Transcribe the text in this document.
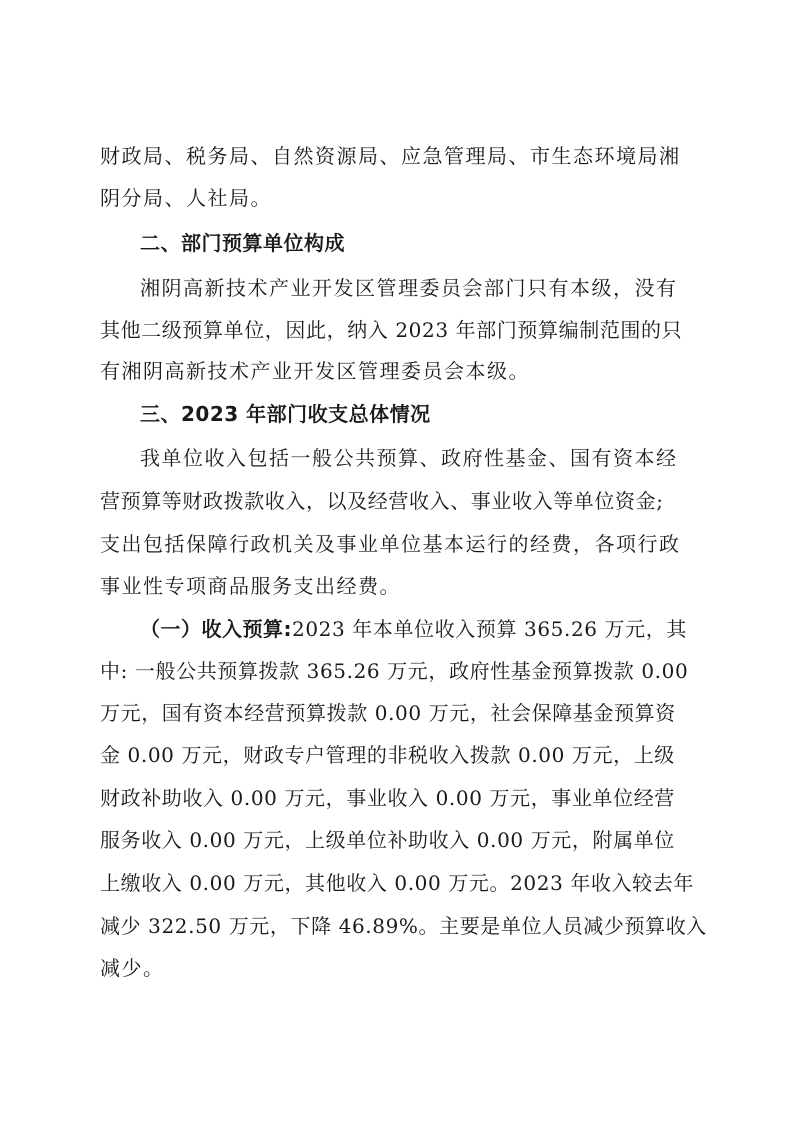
财政局、税务局、自然资源局、应急管理局、市生态环境局湘
阴分局、人社局。
二、部门预算单位构成
湘阴高新技术产业开发区管理委员会部门只有本级，没有
其他二级预算单位，因此，纳入 2023 年部门预算编制范围的只
有湘阴高新技术产业开发区管理委员会本级。
三、2023 年部门收支总体情况
我单位收入包括一般公共预算、政府性基金、国有资本经
营预算等财政拨款收入，以及经营收入、事业收入等单位资金;
支出包括保障行政机关及事业单位基本运行的经费，各项行政
事业性专项商品服务支出经费。
（一）收入预算:2023 年本单位收入预算 365.26 万元，其
中: 一般公共预算拨款 365.26 万元，政府性基金预算拨款 0.00
万元，国有资本经营预算拨款 0.00 万元，社会保障基金预算资
金 0.00 万元，财政专户管理的非税收入拨款 0.00 万元，上级
财政补助收入 0.00 万元，事业收入 0.00 万元，事业单位经营
服务收入 0.00 万元，上级单位补助收入 0.00 万元，附属单位
上缴收入 0.00 万元，其他收入 0.00 万元。2023 年收入较去年
减少 322.50 万元，下降 46.89%。主要是单位人员减少预算收入
减少。
